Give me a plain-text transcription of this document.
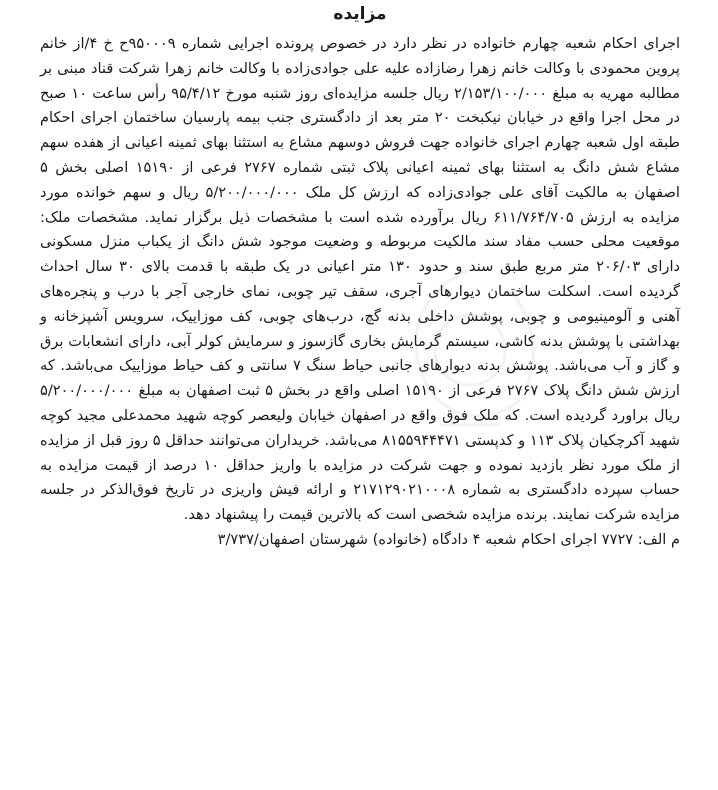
مزایده

اجرای احکام شعبه چهارم خانواده در نظر دارد در خصوص پرونده اجرایی شماره ۹۵۰۰۰۹ح خ ۴/از خانم پروین محمودی با وکالت خانم زهرا رضازاده علیه علی جوادی‌زاده با وکالت خانم زهرا شرکت قناد مبنی بر مطالبه مهریه به مبلغ ۲/۱۵۳/۱۰۰/۰۰۰ ریال جلسه مزایده‌ای روز شنبه مورخ ۹۵/۴/۱۲ رأس ساعت ۱۰ صبح در محل اجرا واقع در خیابان نیکبخت ۲۰ متر بعد از دادگستری جنب بیمه پارسیان ساختمان اجرای احکام طبقه اول شعبه چهارم اجرای خانواده جهت فروش دوسهم مشاع به استثنا بهای ثمینه اعیانی از هفده سهم مشاع شش دانگ به استثنا بهای ثمینه اعیانی پلاک ثبتی شماره ۲۷۶۷ فرعی از ۱۵۱۹۰ اصلی بخش ۵ اصفهان به مالکیت آقای علی جوادی‌زاده که ارزش کل ملک ۵/۲۰۰/۰۰۰/۰۰۰ ریال و سهم خوانده مورد مزایده به ارزش ۶۱۱/۷۶۴/۷۰۵ ریال برآورده شده است با مشخصات ذیل برگزار نماید. مشخصات ملک: موقعیت محلی حسب مفاد سند مالکیت مربوطه و وضعیت موجود شش دانگ از یکباب منزل مسکونی دارای ۲۰۶/۰۳ متر مربع طبق سند و حدود ۱۳۰ متر اعیانی در یک طبقه با قدمت بالای ۳۰ سال احداث گردیده است. اسکلت ساختمان دیوارهای آجری، سقف تیر چوبی، نمای خارجی آجر با درب و پنجره‌های آهنی و آلومینیومی و چوبی، پوشش داخلی بدنه گچ، درب‌های چوبی، کف موزاییک، سرویس آشپزخانه و بهداشتی با پوشش بدنه کاشی، سیستم گرمایش بخاری گازسوز و سرمایش کولر آبی، دارای انشعابات برق و گاز و آب می‌باشد. پوشش بدنه دیوارهای جانبی حیاط سنگ ۷ سانتی و کف حیاط موزاییک می‌باشد. که ارزش شش دانگ پلاک ۲۷۶۷ فرعی از ۱۵۱۹۰ اصلی واقع در بخش ۵ ثبت اصفهان به مبلغ ۵/۲۰۰/۰۰۰/۰۰۰ ریال براورد گردیده است. که ملک فوق واقع در اصفهان خیابان ولیعصر کوچه شهید محمدعلی مجید کوچه شهید آکرچکیان پلاک ۱۱۳ و کدپستی ۸۱۵۵۹۴۴۴۷۱ می‌باشد. خریداران می‌توانند حداقل ۵ روز قبل از مزایده از ملک مورد نظر بازدید نموده و جهت شرکت در مزایده با واریز حداقل ۱۰ درصد از قیمت مزایده به حساب سپرده دادگستری به شماره ۲۱۷۱۲۹۰۲۱۰۰۰۸ و ارائه فیش واریزی در تاریخ فوق‌الذکر در جلسه مزایده شرکت نمایند. برنده مزایده شخصی است که بالاترین قیمت را پیشنهاد دهد.

م الف: ۷۷۲۷ اجرای احکام شعبه ۴ دادگاه (خانواده) شهرستان اصفهان/۳/۷۳۷
